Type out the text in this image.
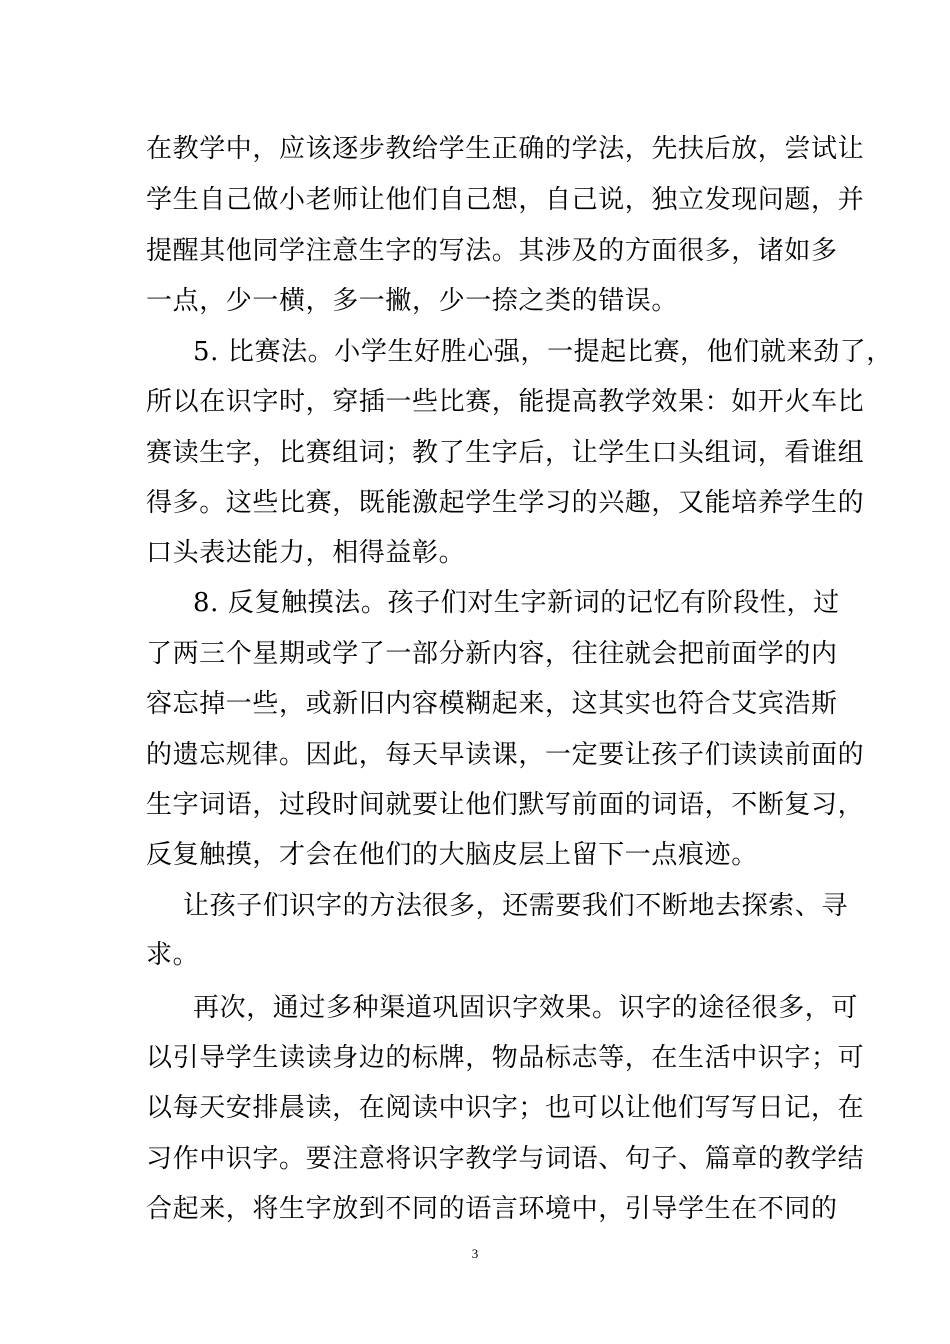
在教学中，应该逐步教给学生正确的学法，先扶后放，尝试让
学生自己做小老师让他们自己想，自己说，独立发现问题，并
提醒其他同学注意生字的写法。其涉及的方面很多，诸如多
一点，少一横，多一撇，少一捺之类的错误。
5. 比赛法。小学生好胜心强，一提起比赛，他们就来劲了，
所以在识字时，穿插一些比赛，能提高教学效果：如开火车比
赛读生字，比赛组词；教了生字后，让学生口头组词，看谁组
得多。这些比赛，既能激起学生学习的兴趣，又能培养学生的
口头表达能力，相得益彰。
8. 反复触摸法。孩子们对生字新词的记忆有阶段性，过
了两三个星期或学了一部分新内容，往往就会把前面学的内
容忘掉一些，或新旧内容模糊起来，这其实也符合艾宾浩斯
的遗忘规律。因此，每天早读课，一定要让孩子们读读前面的
生字词语，过段时间就要让他们默写前面的词语，不断复习，
反复触摸，才会在他们的大脑皮层上留下一点痕迹。
让孩子们识字的方法很多，还需要我们不断地去探索、寻
求。
再次，通过多种渠道巩固识字效果。识字的途径很多，可
以引导学生读读身边的标牌，物品标志等，在生活中识字；可
以每天安排晨读，在阅读中识字；也可以让他们写写日记，在
习作中识字。要注意将识字教学与词语、句子、篇章的教学结
合起来，将生字放到不同的语言环境中，引导学生在不同的
3
